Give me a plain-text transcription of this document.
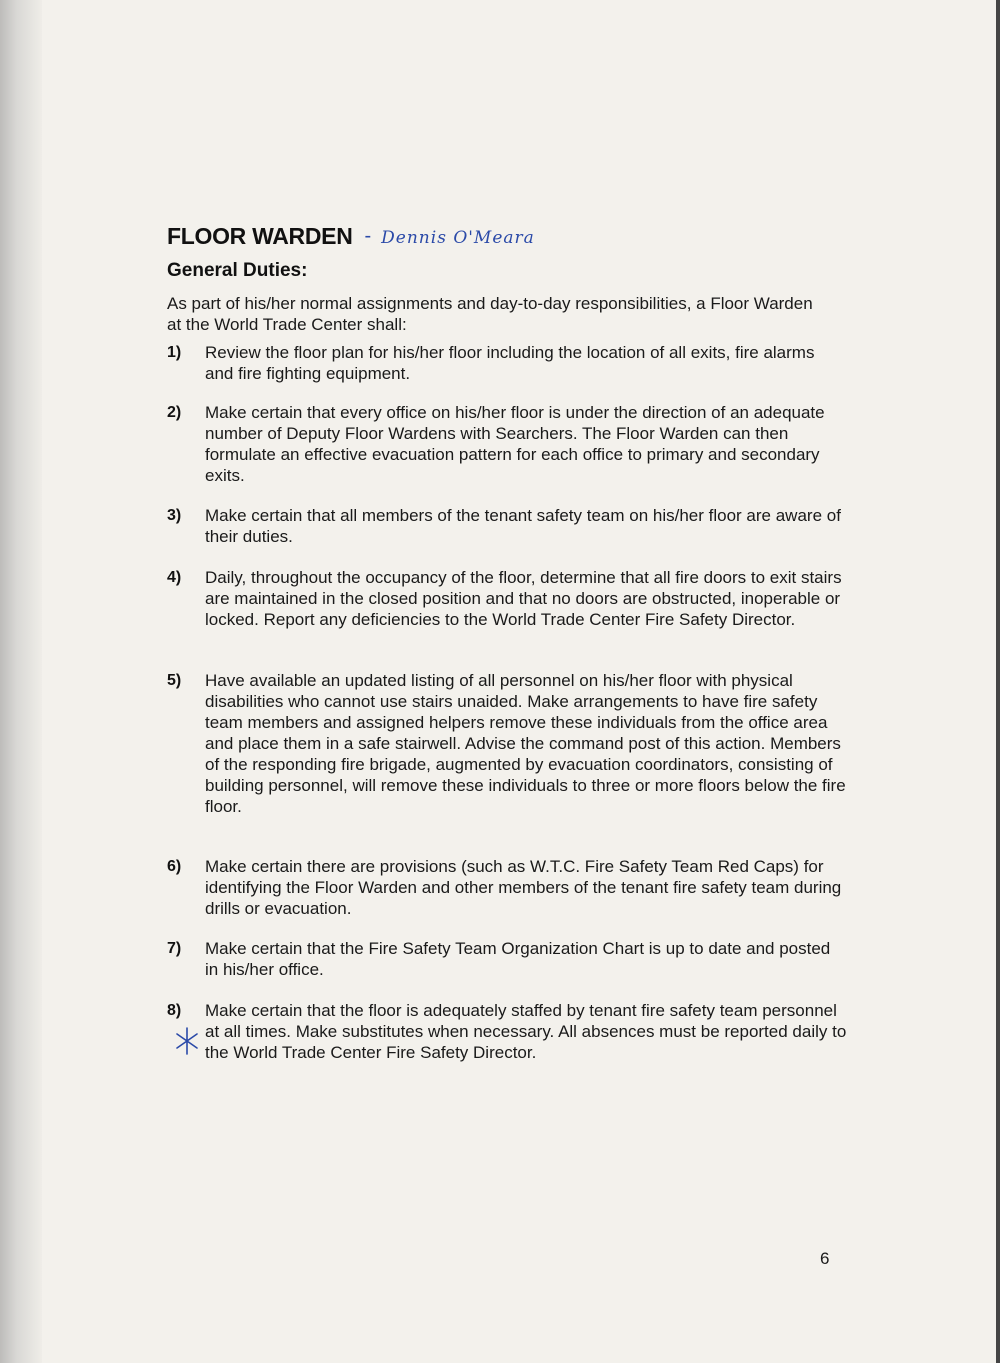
FLOOR WARDEN - Dennis O'Meara
General Duties:
As part of his/her normal assignments and day-to-day responsibilities, a Floor Warden at the World Trade Center shall:
1)	Review the floor plan for his/her floor including the location of all exits, fire alarms and fire fighting equipment.
2)	Make certain that every office on his/her floor is under the direction of an adequate number of Deputy Floor Wardens with Searchers. The Floor Warden can then formulate an effective evacuation pattern for each office to primary and secondary exits.
3)	Make certain that all members of the tenant safety team on his/her floor are aware of their duties.
4)	Daily, throughout the occupancy of the floor, determine that all fire doors to exit stairs are maintained in the closed position and that no doors are obstructed, inoperable or locked. Report any deficiencies to the World Trade Center Fire Safety Director.
5)	Have available an updated listing of all personnel on his/her floor with physical disabilities who cannot use stairs unaided. Make arrangements to have fire safety team members and assigned helpers remove these individuals from the office area and place them in a safe stairwell. Advise the command post of this action. Members of the responding fire brigade, augmented by evacuation coordinators, consisting of building personnel, will remove these individuals to three or more floors below the fire floor.
6)	Make certain there are provisions (such as W.T.C. Fire Safety Team Red Caps) for identifying the Floor Warden and other members of the tenant fire safety team during drills or evacuation.
7)	Make certain that the Fire Safety Team Organization Chart is up to date and posted in his/her office.
8)	Make certain that the floor is adequately staffed by tenant fire safety team personnel at all times. Make substitutes when necessary. All absences must be reported daily to the World Trade Center Fire Safety Director.
6
